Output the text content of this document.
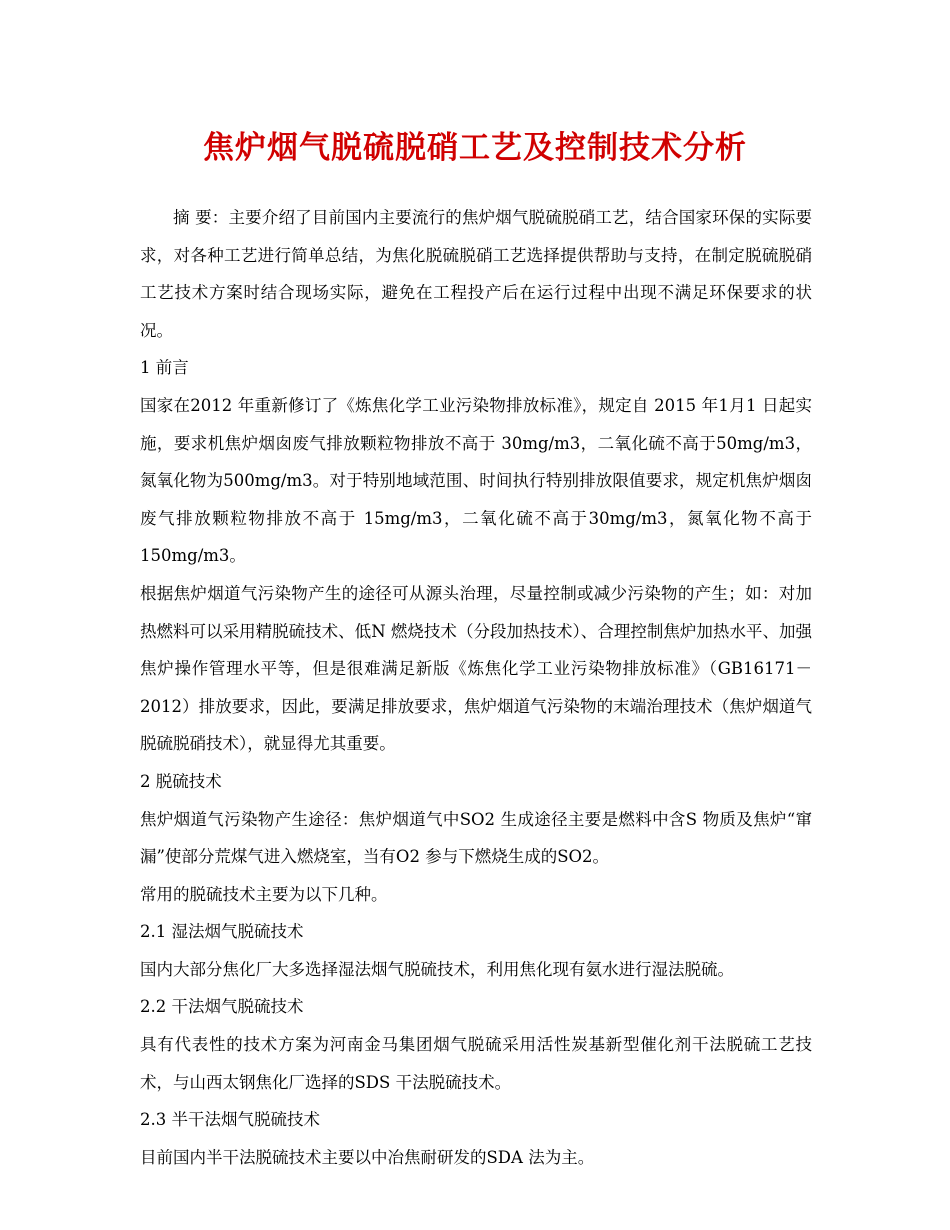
焦炉烟气脱硫脱硝工艺及控制技术分析

摘 要：主要介绍了目前国内主要流行的焦炉烟气脱硫脱硝工艺，结合国家环保的实际要求，对各种工艺进行简单总结，为焦化脱硫脱硝工艺选择提供帮助与支持，在制定脱硫脱硝工艺技术方案时结合现场实际，避免在工程投产后在运行过程中出现不满足环保要求的状况。

1 前言

国家在2012 年重新修订了《炼焦化学工业污染物排放标准》，规定自 2015 年1月1 日起实施，要求机焦炉烟囱废气排放颗粒物排放不高于 30mg/m3，二氧化硫不高于50mg/m3，氮氧化物为500mg/m3。对于特别地域范围、时间执行特别排放限值要求，规定机焦炉烟囱废气排放颗粒物排放不高于 15mg/m3，二氧化硫不高于30mg/m3，氮氧化物不高于150mg/m3。

根据焦炉烟道气污染物产生的途径可从源头治理，尽量控制或减少污染物的产生；如：对加热燃料可以采用精脱硫技术、低N 燃烧技术（分段加热技术）、合理控制焦炉加热水平、加强焦炉操作管理水平等，但是很难满足新版《炼焦化学工业污染物排放标准》（GB16171－2012）排放要求，因此，要满足排放要求，焦炉烟道气污染物的末端治理技术（焦炉烟道气脱硫脱硝技术），就显得尤其重要。

2 脱硫技术

焦炉烟道气污染物产生途径：焦炉烟道气中SO2 生成途径主要是燃料中含S 物质及焦炉“窜漏”使部分荒煤气进入燃烧室，当有O2 参与下燃烧生成的SO2。

常用的脱硫技术主要为以下几种。

2.1 湿法烟气脱硫技术

国内大部分焦化厂大多选择湿法烟气脱硫技术，利用焦化现有氨水进行湿法脱硫。

2.2 干法烟气脱硫技术

具有代表性的技术方案为河南金马集团烟气脱硫采用活性炭基新型催化剂干法脱硫工艺技术，与山西太钢焦化厂选择的SDS 干法脱硫技术。

2.3 半干法烟气脱硫技术

目前国内半干法脱硫技术主要以中冶焦耐研发的SDA 法为主。
